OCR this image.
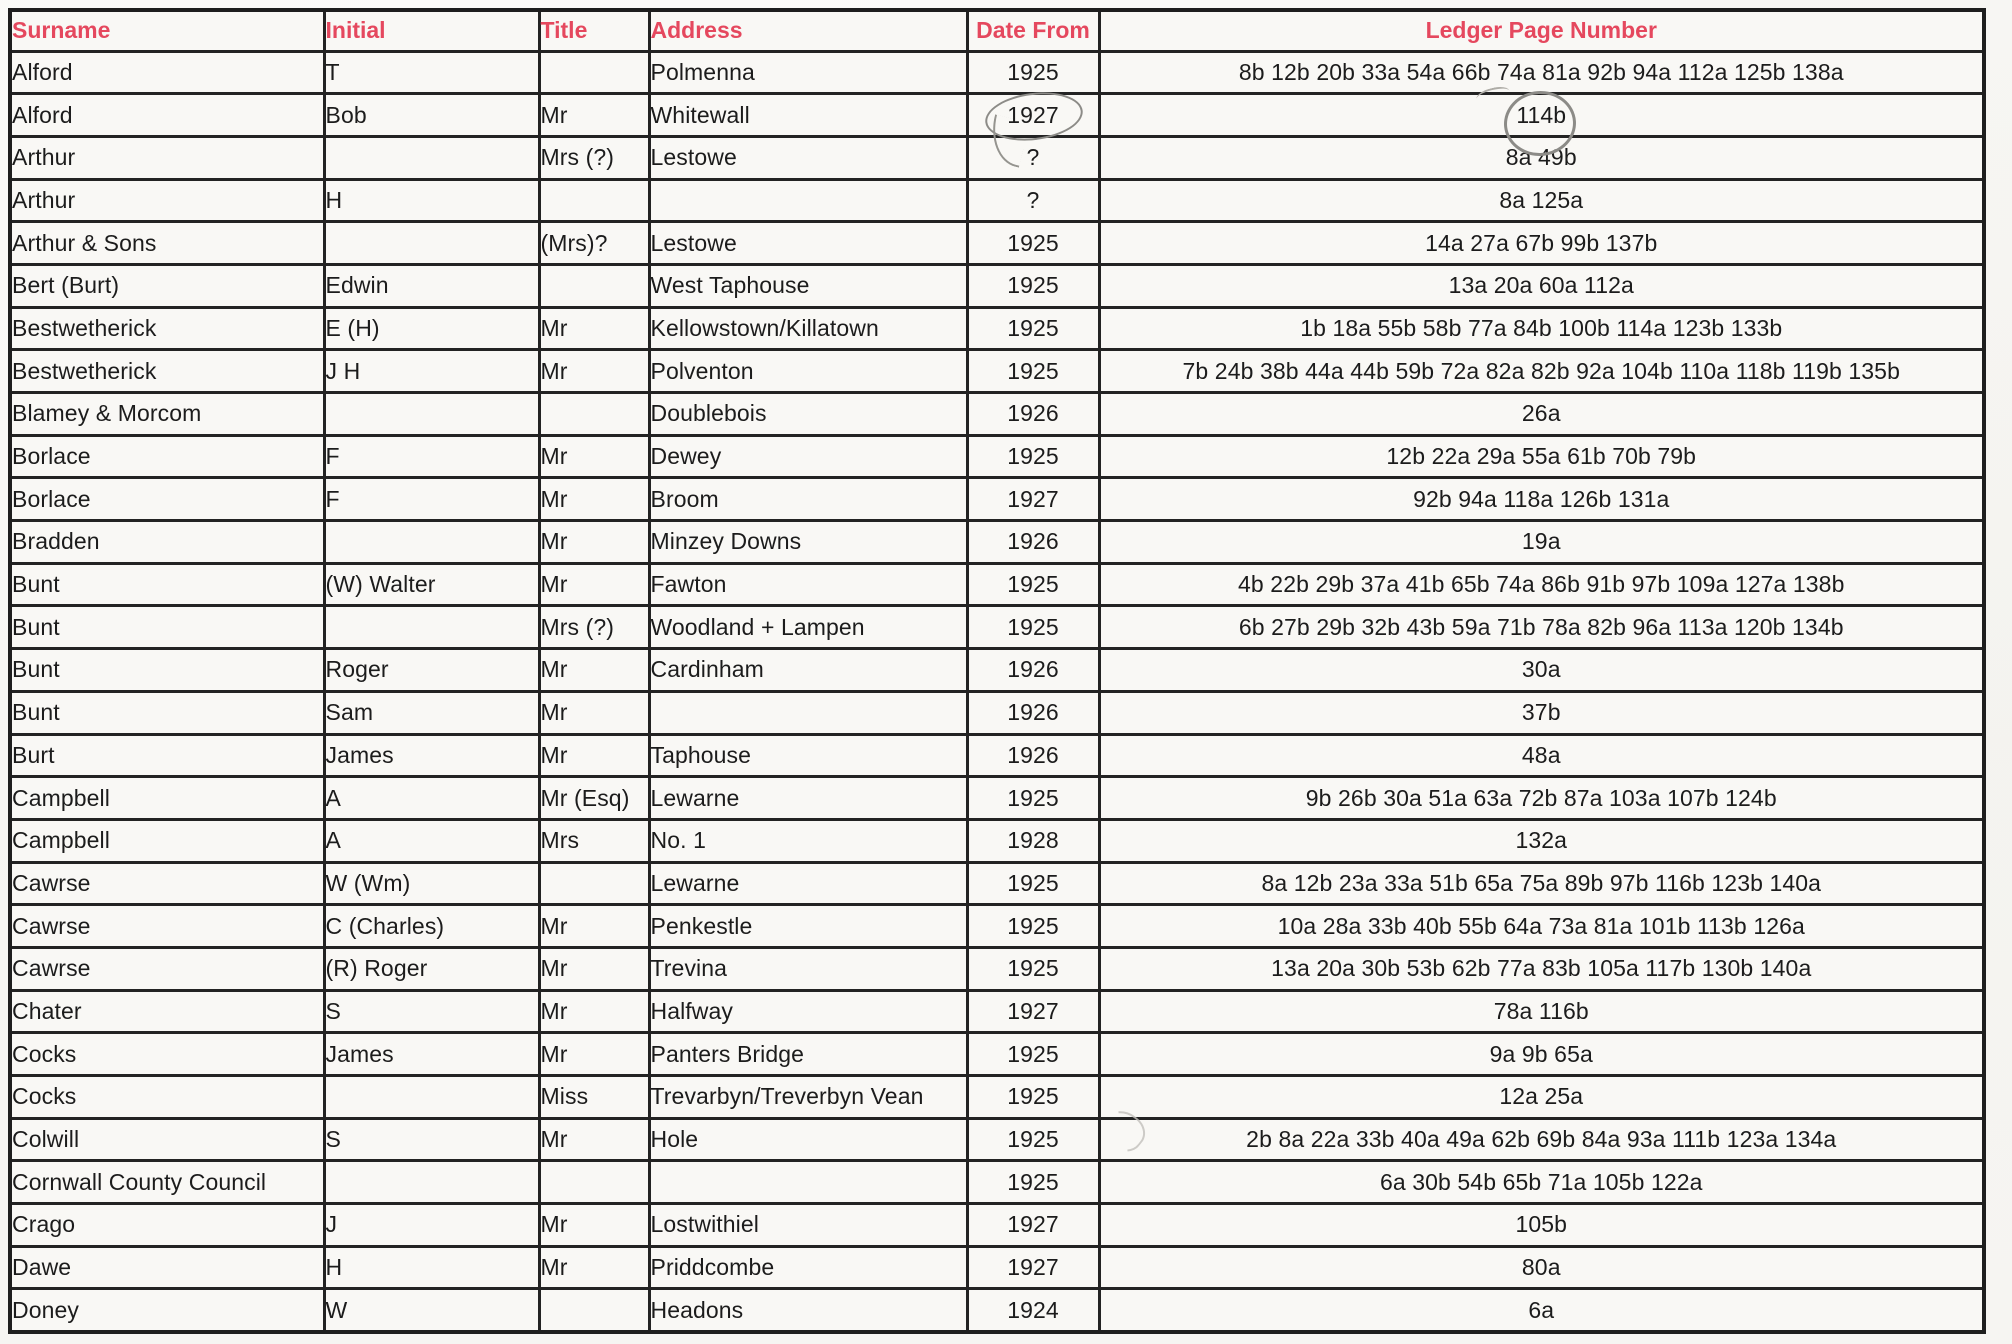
Surname	Initial	Title	Address	Date From	Ledger Page Number
Alford	T		Polmenna	1925	8b 12b 20b 33a 54a 66b 74a 81a 92b 94a 112a 125b 138a
Alford	Bob	Mr	Whitewall	1927	114b
Arthur		Mrs (?)	Lestowe	?	8a 49b
Arthur	H			?	8a 125a
Arthur & Sons		(Mrs)?	Lestowe	1925	14a 27a 67b 99b 137b
Bert (Burt)	Edwin		West Taphouse	1925	13a 20a 60a 112a
Bestwetherick	E (H)	Mr	Kellowstown/Killatown	1925	1b 18a 55b 58b 77a 84b 100b 114a 123b 133b
Bestwetherick	J H	Mr	Polventon	1925	7b 24b 38b 44a 44b 59b 72a 82a 82b 92a 104b 110a 118b 119b 135b
Blamey & Morcom			Doublebois	1926	26a
Borlace	F	Mr	Dewey	1925	12b 22a 29a 55a 61b 70b 79b
Borlace	F	Mr	Broom	1927	92b 94a 118a 126b 131a
Bradden		Mr	Minzey Downs	1926	19a
Bunt	(W) Walter	Mr	Fawton	1925	4b 22b 29b 37a 41b 65b 74a 86b 91b 97b 109a 127a 138b
Bunt		Mrs (?)	Woodland + Lampen	1925	6b 27b 29b 32b 43b 59a 71b 78a 82b 96a 113a 120b 134b
Bunt	Roger	Mr	Cardinham	1926	30a
Bunt	Sam	Mr		1926	37b
Burt	James	Mr	Taphouse	1926	48a
Campbell	A	Mr (Esq)	Lewarne	1925	9b 26b 30a 51a 63a 72b 87a 103a 107b 124b
Campbell	A	Mrs	No. 1	1928	132a
Cawrse	W (Wm)		Lewarne	1925	8a 12b 23a 33a 51b 65a 75a 89b 97b 116b 123b 140a
Cawrse	C (Charles)	Mr	Penkestle	1925	10a 28a 33b 40b 55b 64a 73a 81a 101b 113b 126a
Cawrse	(R) Roger	Mr	Trevina	1925	13a 20a 30b 53b 62b 77a 83b 105a 117b 130b 140a
Chater	S	Mr	Halfway	1927	78a 116b
Cocks	James	Mr	Panters Bridge	1925	9a 9b 65a
Cocks		Miss	Trevarbyn/Treverbyn Vean	1925	12a 25a
Colwill	S	Mr	Hole	1925	2b 8a 22a 33b 40a 49a 62b 69b 84a 93a 111b 123a 134a
Cornwall County Council				1925	6a 30b 54b 65b 71a 105b 122a
Crago	J	Mr	Lostwithiel	1927	105b
Dawe	H	Mr	Priddcombe	1927	80a
Doney	W		Headons	1924	6a
